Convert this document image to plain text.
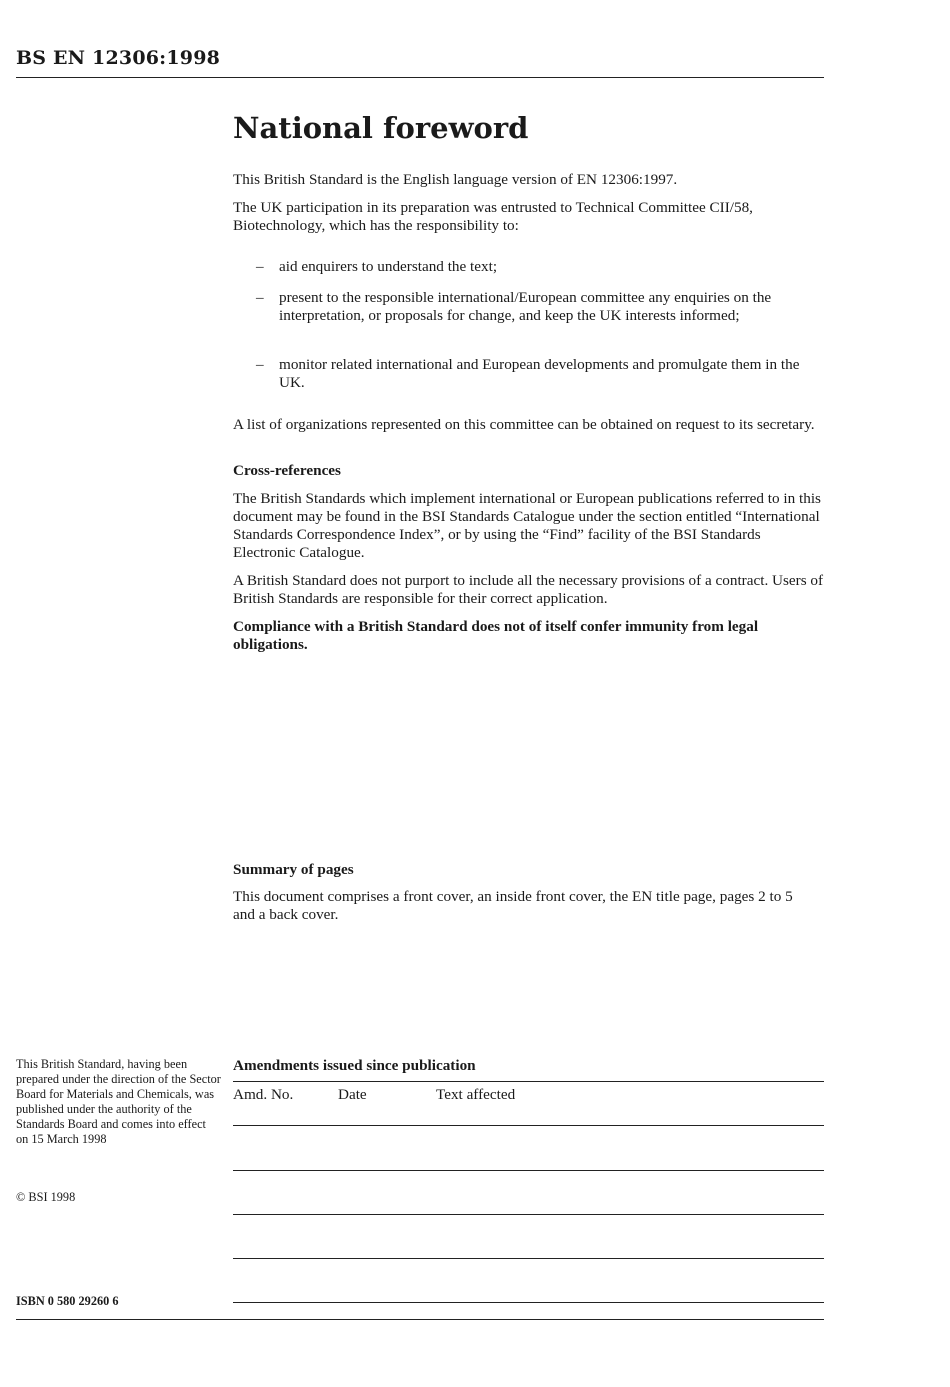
BS EN 12306:1998
National foreword
This British Standard is the English language version of EN 12306:1997.
The UK participation in its preparation was entrusted to Technical Committee CII/58, Biotechnology, which has the responsibility to:
– aid enquirers to understand the text;
– present to the responsible international/European committee any enquiries on the interpretation, or proposals for change, and keep the UK interests informed;
– monitor related international and European developments and promulgate them in the UK.
A list of organizations represented on this committee can be obtained on request to its secretary.
Cross-references
The British Standards which implement international or European publications referred to in this document may be found in the BSI Standards Catalogue under the section entitled “International Standards Correspondence Index”, or by using the “Find” facility of the BSI Standards Electronic Catalogue.
A British Standard does not purport to include all the necessary provisions of a contract. Users of British Standards are responsible for their correct application.
Compliance with a British Standard does not of itself confer immunity from legal obligations.
Summary of pages
This document comprises a front cover, an inside front cover, the EN title page, pages 2 to 5 and a back cover.
This British Standard, having been prepared under the direction of the Sector Board for Materials and Chemicals, was published under the authority of the Standards Board and comes into effect on 15 March 1998
© BSI 1998
ISBN 0 580 29260 6
Amendments issued since publication
Amd. No.	Date	Text affected
